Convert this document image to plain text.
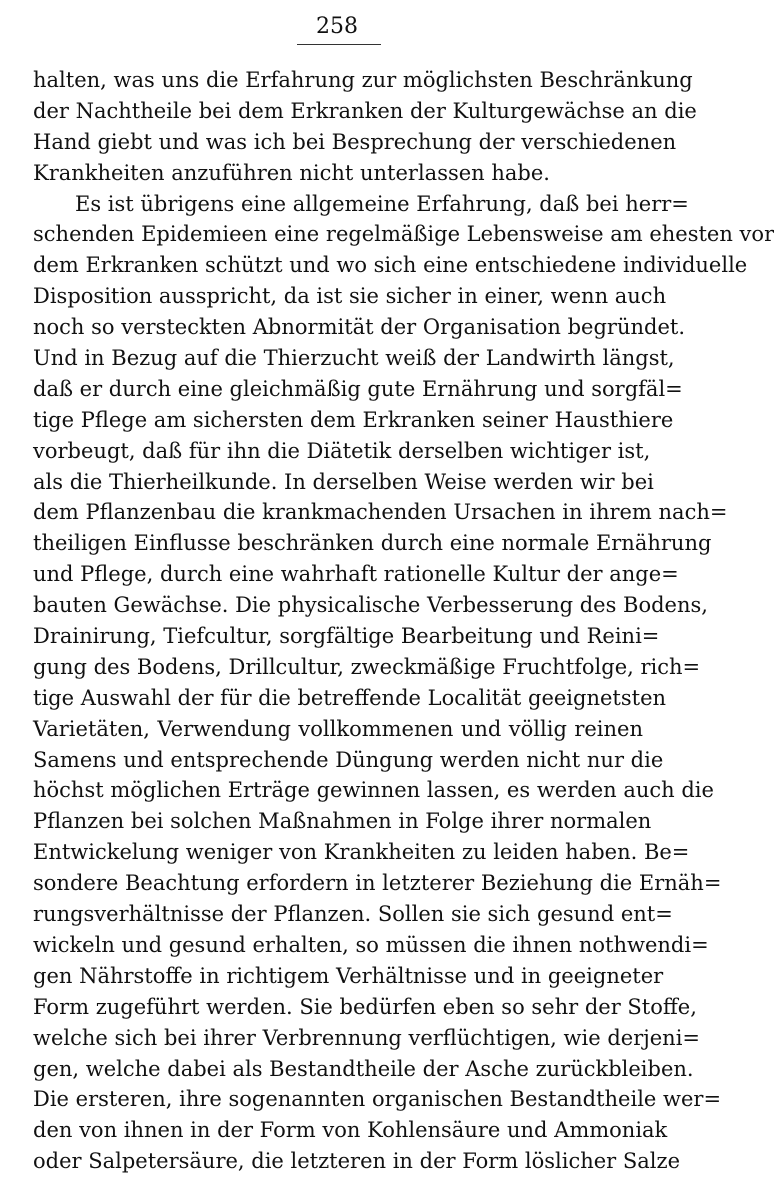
258
halten, was uns die Erfahrung zur möglichsten Beschränkung
der Nachtheile bei dem Erkranken der Kulturgewächse an die
Hand giebt und was ich bei Besprechung der verschiedenen
Krankheiten anzuführen nicht unterlassen habe.
Es ist übrigens eine allgemeine Erfahrung, daß bei herr=
schenden Epidemieen eine regelmäßige Lebensweise am ehesten vor
dem Erkranken schützt und wo sich eine entschiedene individuelle
Disposition ausspricht, da ist sie sicher in einer, wenn auch
noch so versteckten Abnormität der Organisation begründet.
Und in Bezug auf die Thierzucht weiß der Landwirth längst,
daß er durch eine gleichmäßig gute Ernährung und sorgfäl=
tige Pflege am sichersten dem Erkranken seiner Hausthiere
vorbeugt, daß für ihn die Diätetik derselben wichtiger ist,
als die Thierheilkunde. In derselben Weise werden wir bei
dem Pflanzenbau die krankmachenden Ursachen in ihrem nach=
theiligen Einflusse beschränken durch eine normale Ernährung
und Pflege, durch eine wahrhaft rationelle Kultur der ange=
bauten Gewächse. Die physicalische Verbesserung des Bodens,
Drainirung, Tiefcultur, sorgfältige Bearbeitung und Reini=
gung des Bodens, Drillcultur, zweckmäßige Fruchtfolge, rich=
tige Auswahl der für die betreffende Localität geeignetsten
Varietäten, Verwendung vollkommenen und völlig reinen
Samens und entsprechende Düngung werden nicht nur die
höchst möglichen Erträge gewinnen lassen, es werden auch die
Pflanzen bei solchen Maßnahmen in Folge ihrer normalen
Entwickelung weniger von Krankheiten zu leiden haben. Be=
sondere Beachtung erfordern in letzterer Beziehung die Ernäh=
rungsverhältnisse der Pflanzen. Sollen sie sich gesund ent=
wickeln und gesund erhalten, so müssen die ihnen nothwendi=
gen Nährstoffe in richtigem Verhältnisse und in geeigneter
Form zugeführt werden. Sie bedürfen eben so sehr der Stoffe,
welche sich bei ihrer Verbrennung verflüchtigen, wie derjeni=
gen, welche dabei als Bestandtheile der Asche zurückbleiben.
Die ersteren, ihre sogenannten organischen Bestandtheile wer=
den von ihnen in der Form von Kohlensäure und Ammoniak
oder Salpetersäure, die letzteren in der Form löslicher Salze
